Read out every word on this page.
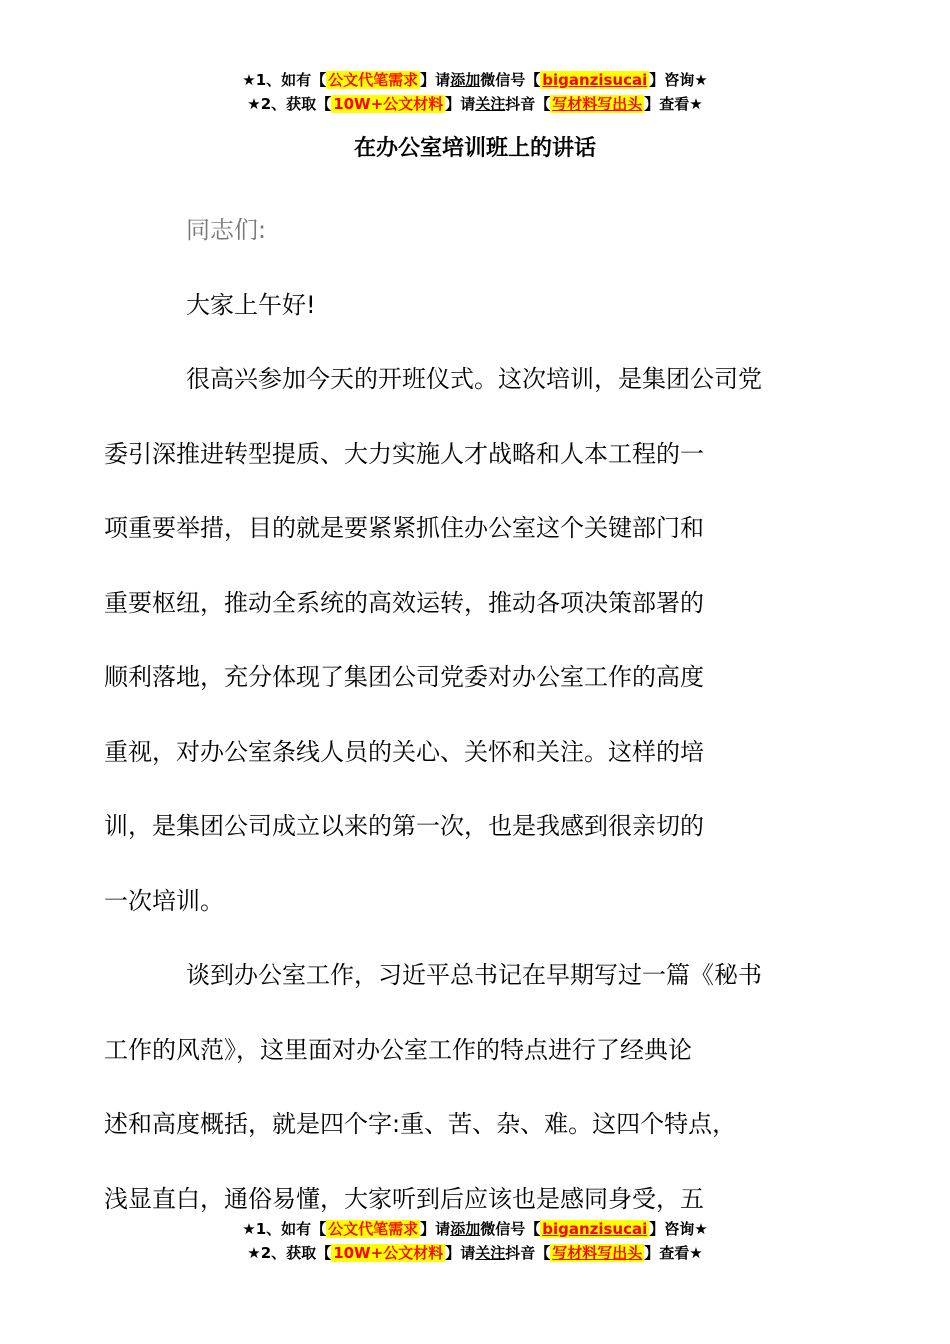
★1、如有【 公文代笔需求 】请添加微信号【 biganzisucai 】咨询★
★2、获取【 10W+公文材料 】请关注抖音【 写材料写出头 】查看★
在办公室培训班上的讲话

同志们:

大家上午好!

很高兴参加今天的开班仪式。这次培训，是集团公司党
委引深推进转型提质、大力实施人才战略和人本工程的一
项重要举措，目的就是要紧紧抓住办公室这个关键部门和
重要枢纽，推动全系统的高效运转，推动各项决策部署的
顺利落地，充分体现了集团公司党委对办公室工作的高度
重视，对办公室条线人员的关心、关怀和关注。这样的培
训，是集团公司成立以来的第一次，也是我感到很亲切的
一次培训。

谈到办公室工作，习近平总书记在早期写过一篇《秘书
工作的风范》，这里面对办公室工作的特点进行了经典论
述和高度概括，就是四个字:重、苦、杂、难。这四个特点，
浅显直白，通俗易懂，大家听到后应该也是感同身受，五

★1、如有【 公文代笔需求 】请添加微信号【 biganzisucai 】咨询★
★2、获取【 10W+公文材料 】请关注抖音【 写材料写出头 】查看★
